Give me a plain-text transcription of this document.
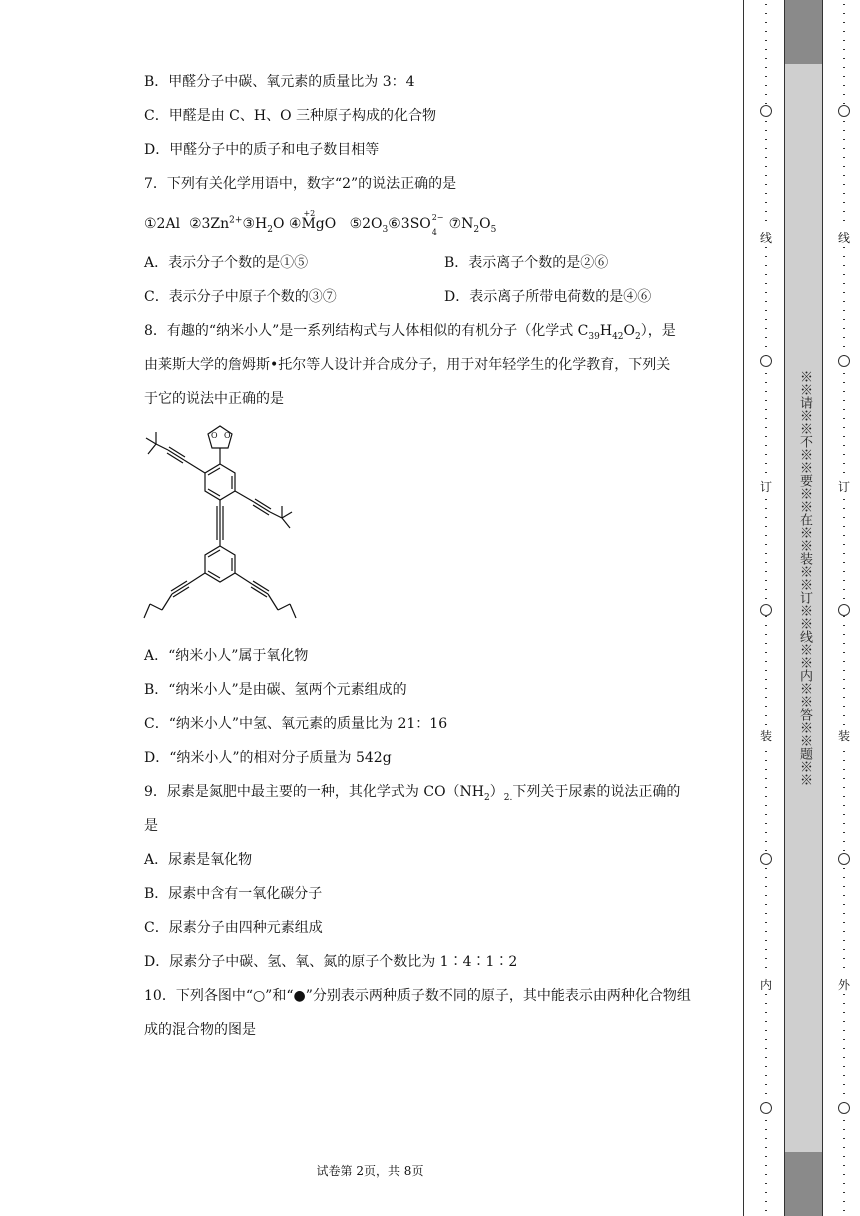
B．甲醛分子中碳、氧元素的质量比为 3：4
C．甲醛是由 C、H、O 三种原子构成的化合物
D．甲醛分子中的质子和电子数目相等
7．下列有关化学用语中，数字“2”的说法正确的是
①2Al $②3Zn^{2+}③H_2O$ ④
+2
MgO $⑤2O_3⑥3SO$ 2−
4
$⑦N_2O_5$
A．表示分子个数的是①⑤	B．表示离子个数的是②⑥
C．表示分子中原子个数的③⑦	D．表示离子所带电荷数的是④⑥
8．有趣的“纳米小人”是一系列结构式与人体相似的有机分子（化学式 $C_{39}H_{42}O_2$），是
由莱斯大学的詹姆斯•托尔等人设计并合成分子，用于对年轻学生的化学教育，下列关
于它的说法中正确的是
O O
A．“纳米小人”属于氧化物
B．“纳米小人”是由碳、氢两个元素组成的
C．“纳米小人”中氢、氧元素的质量比为 21：16
D．“纳米小人”的相对分子质量为 542g
9．尿素是氮肥中最主要的一种，其化学式为 $CO(NH_2)_{2.}$下列关于尿素的说法正确的
是
A．尿素是氧化物
B．尿素中含有一氧化碳分子
C．尿素分子由四种元素组成
D．尿素分子中碳、氢、氧、氮的原子个数比为 1∶4∶1∶2
10．下列各图中“○”和“●”分别表示两种质子数不同的原子，其中能表示由两种化合物组
成的混合物的图是
试卷第 2页，共 8页
※※请※※不※※要※※在※※装※※订※※线※※内※※答※※题※※
线
订
装
内
线
订
装
外
